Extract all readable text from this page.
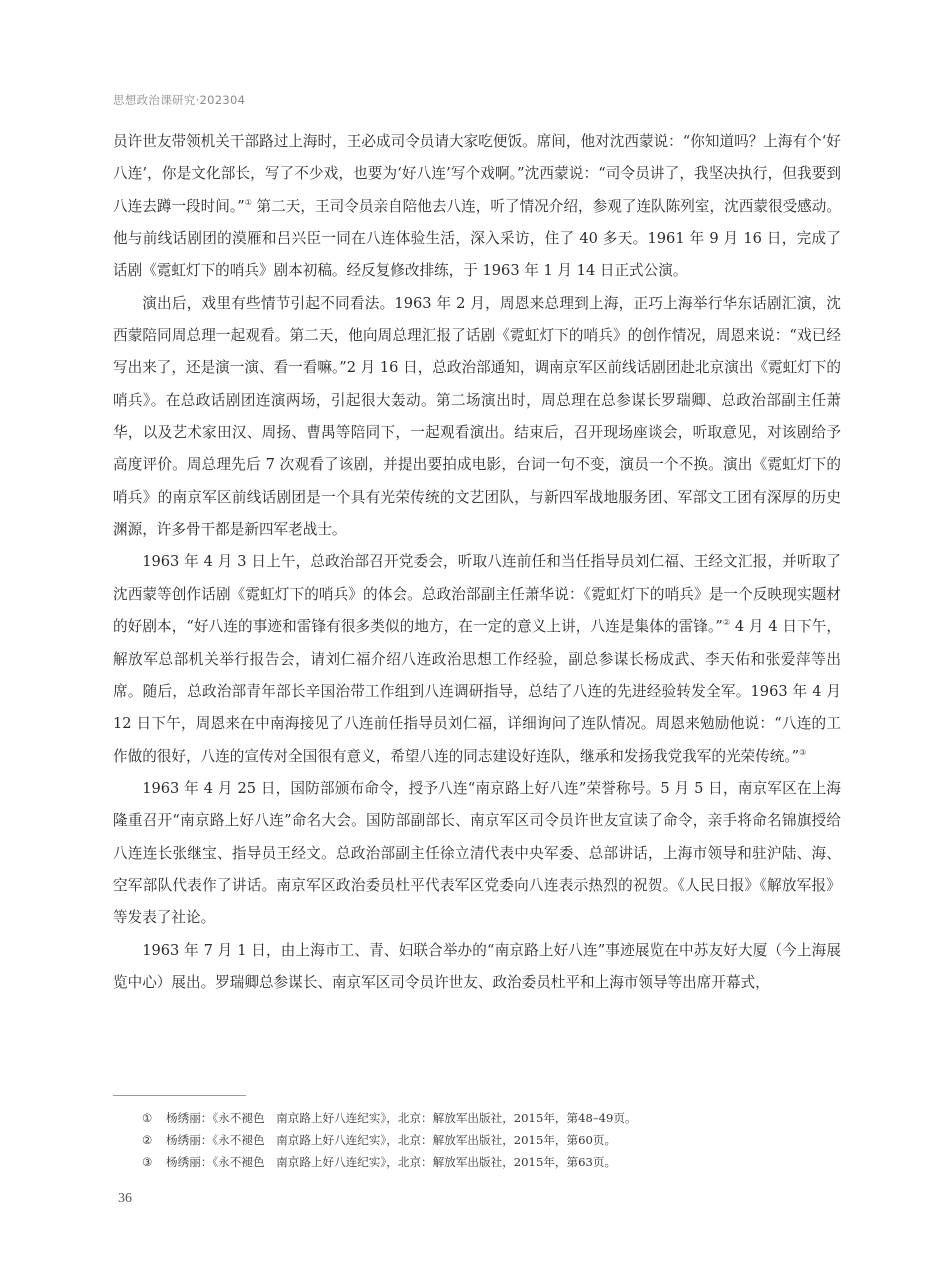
思想政治课研究·202304

员许世友带领机关干部路过上海时，王必成司令员请大家吃便饭。席间，他对沈西蒙说：“你知道吗？上海有个‘好八连’，你是文化部长，写了不少戏，也要为‘好八连’写个戏啊。”沈西蒙说：“司令员讲了，我坚决执行，但我要到八连去蹲一段时间。”① 第二天，王司令员亲自陪他去八连，听了情况介绍，参观了连队陈列室，沈西蒙很受感动。他与前线话剧团的漠雁和吕兴臣一同在八连体验生活，深入采访，住了 40 多天。1961 年 9 月 16 日，完成了话剧《霓虹灯下的哨兵》剧本初稿。经反复修改排练，于 1963 年 1 月 14 日正式公演。

演出后，戏里有些情节引起不同看法。1963 年 2 月，周恩来总理到上海，正巧上海举行华东话剧汇演，沈西蒙陪同周总理一起观看。第二天，他向周总理汇报了话剧《霓虹灯下的哨兵》的创作情况，周恩来说：“戏已经写出来了，还是演一演、看一看嘛。”2 月 16 日，总政治部通知，调南京军区前线话剧团赴北京演出《霓虹灯下的哨兵》。在总政话剧团连演两场，引起很大轰动。第二场演出时，周总理在总参谋长罗瑞卿、总政治部副主任萧华，以及艺术家田汉、周扬、曹禺等陪同下，一起观看演出。结束后，召开现场座谈会，听取意见，对该剧给予高度评价。周总理先后 7 次观看了该剧，并提出要拍成电影，台词一句不变，演员一个不换。演出《霓虹灯下的哨兵》的南京军区前线话剧团是一个具有光荣传统的文艺团队，与新四军战地服务团、军部文工团有深厚的历史渊源，许多骨干都是新四军老战士。

1963 年 4 月 3 日上午，总政治部召开党委会，听取八连前任和当任指导员刘仁福、王经文汇报，并听取了沈西蒙等创作话剧《霓虹灯下的哨兵》的体会。总政治部副主任萧华说：《霓虹灯下的哨兵》是一个反映现实题材的好剧本，“好八连的事迹和雷锋有很多类似的地方，在一定的意义上讲，八连是集体的雷锋。”② 4 月 4 日下午，解放军总部机关举行报告会，请刘仁福介绍八连政治思想工作经验，副总参谋长杨成武、李天佑和张爱萍等出席。随后，总政治部青年部长辛国治带工作组到八连调研指导，总结了八连的先进经验转发全军。1963 年 4 月 12 日下午，周恩来在中南海接见了八连前任指导员刘仁福，详细询问了连队情况。周恩来勉励他说：“八连的工作做的很好，八连的宣传对全国很有意义，希望八连的同志建设好连队，继承和发扬我党我军的光荣传统。”③

1963 年 4 月 25 日，国防部颁布命令，授予八连“南京路上好八连”荣誉称号。5 月 5 日，南京军区在上海隆重召开“南京路上好八连”命名大会。国防部副部长、南京军区司令员许世友宣读了命令，亲手将命名锦旗授给八连连长张继宝、指导员王经文。总政治部副主任徐立清代表中央军委、总部讲话，上海市领导和驻沪陆、海、空军部队代表作了讲话。南京军区政治委员杜平代表军区党委向八连表示热烈的祝贺。《人民日报》《解放军报》等发表了社论。

1963 年 7 月 1 日，由上海市工、青、妇联合举办的“南京路上好八连”事迹展览在中苏友好大厦（今上海展览中心）展出。罗瑞卿总参谋长、南京军区司令员许世友、政治委员杜平和上海市领导等出席开幕式，

① 杨绣丽：《永不褪色　南京路上好八连纪实》，北京：解放军出版社，2015年，第48–49页。
② 杨绣丽：《永不褪色　南京路上好八连纪实》，北京：解放军出版社，2015年，第60页。
③ 杨绣丽：《永不褪色　南京路上好八连纪实》，北京：解放军出版社，2015年，第63页。
36
